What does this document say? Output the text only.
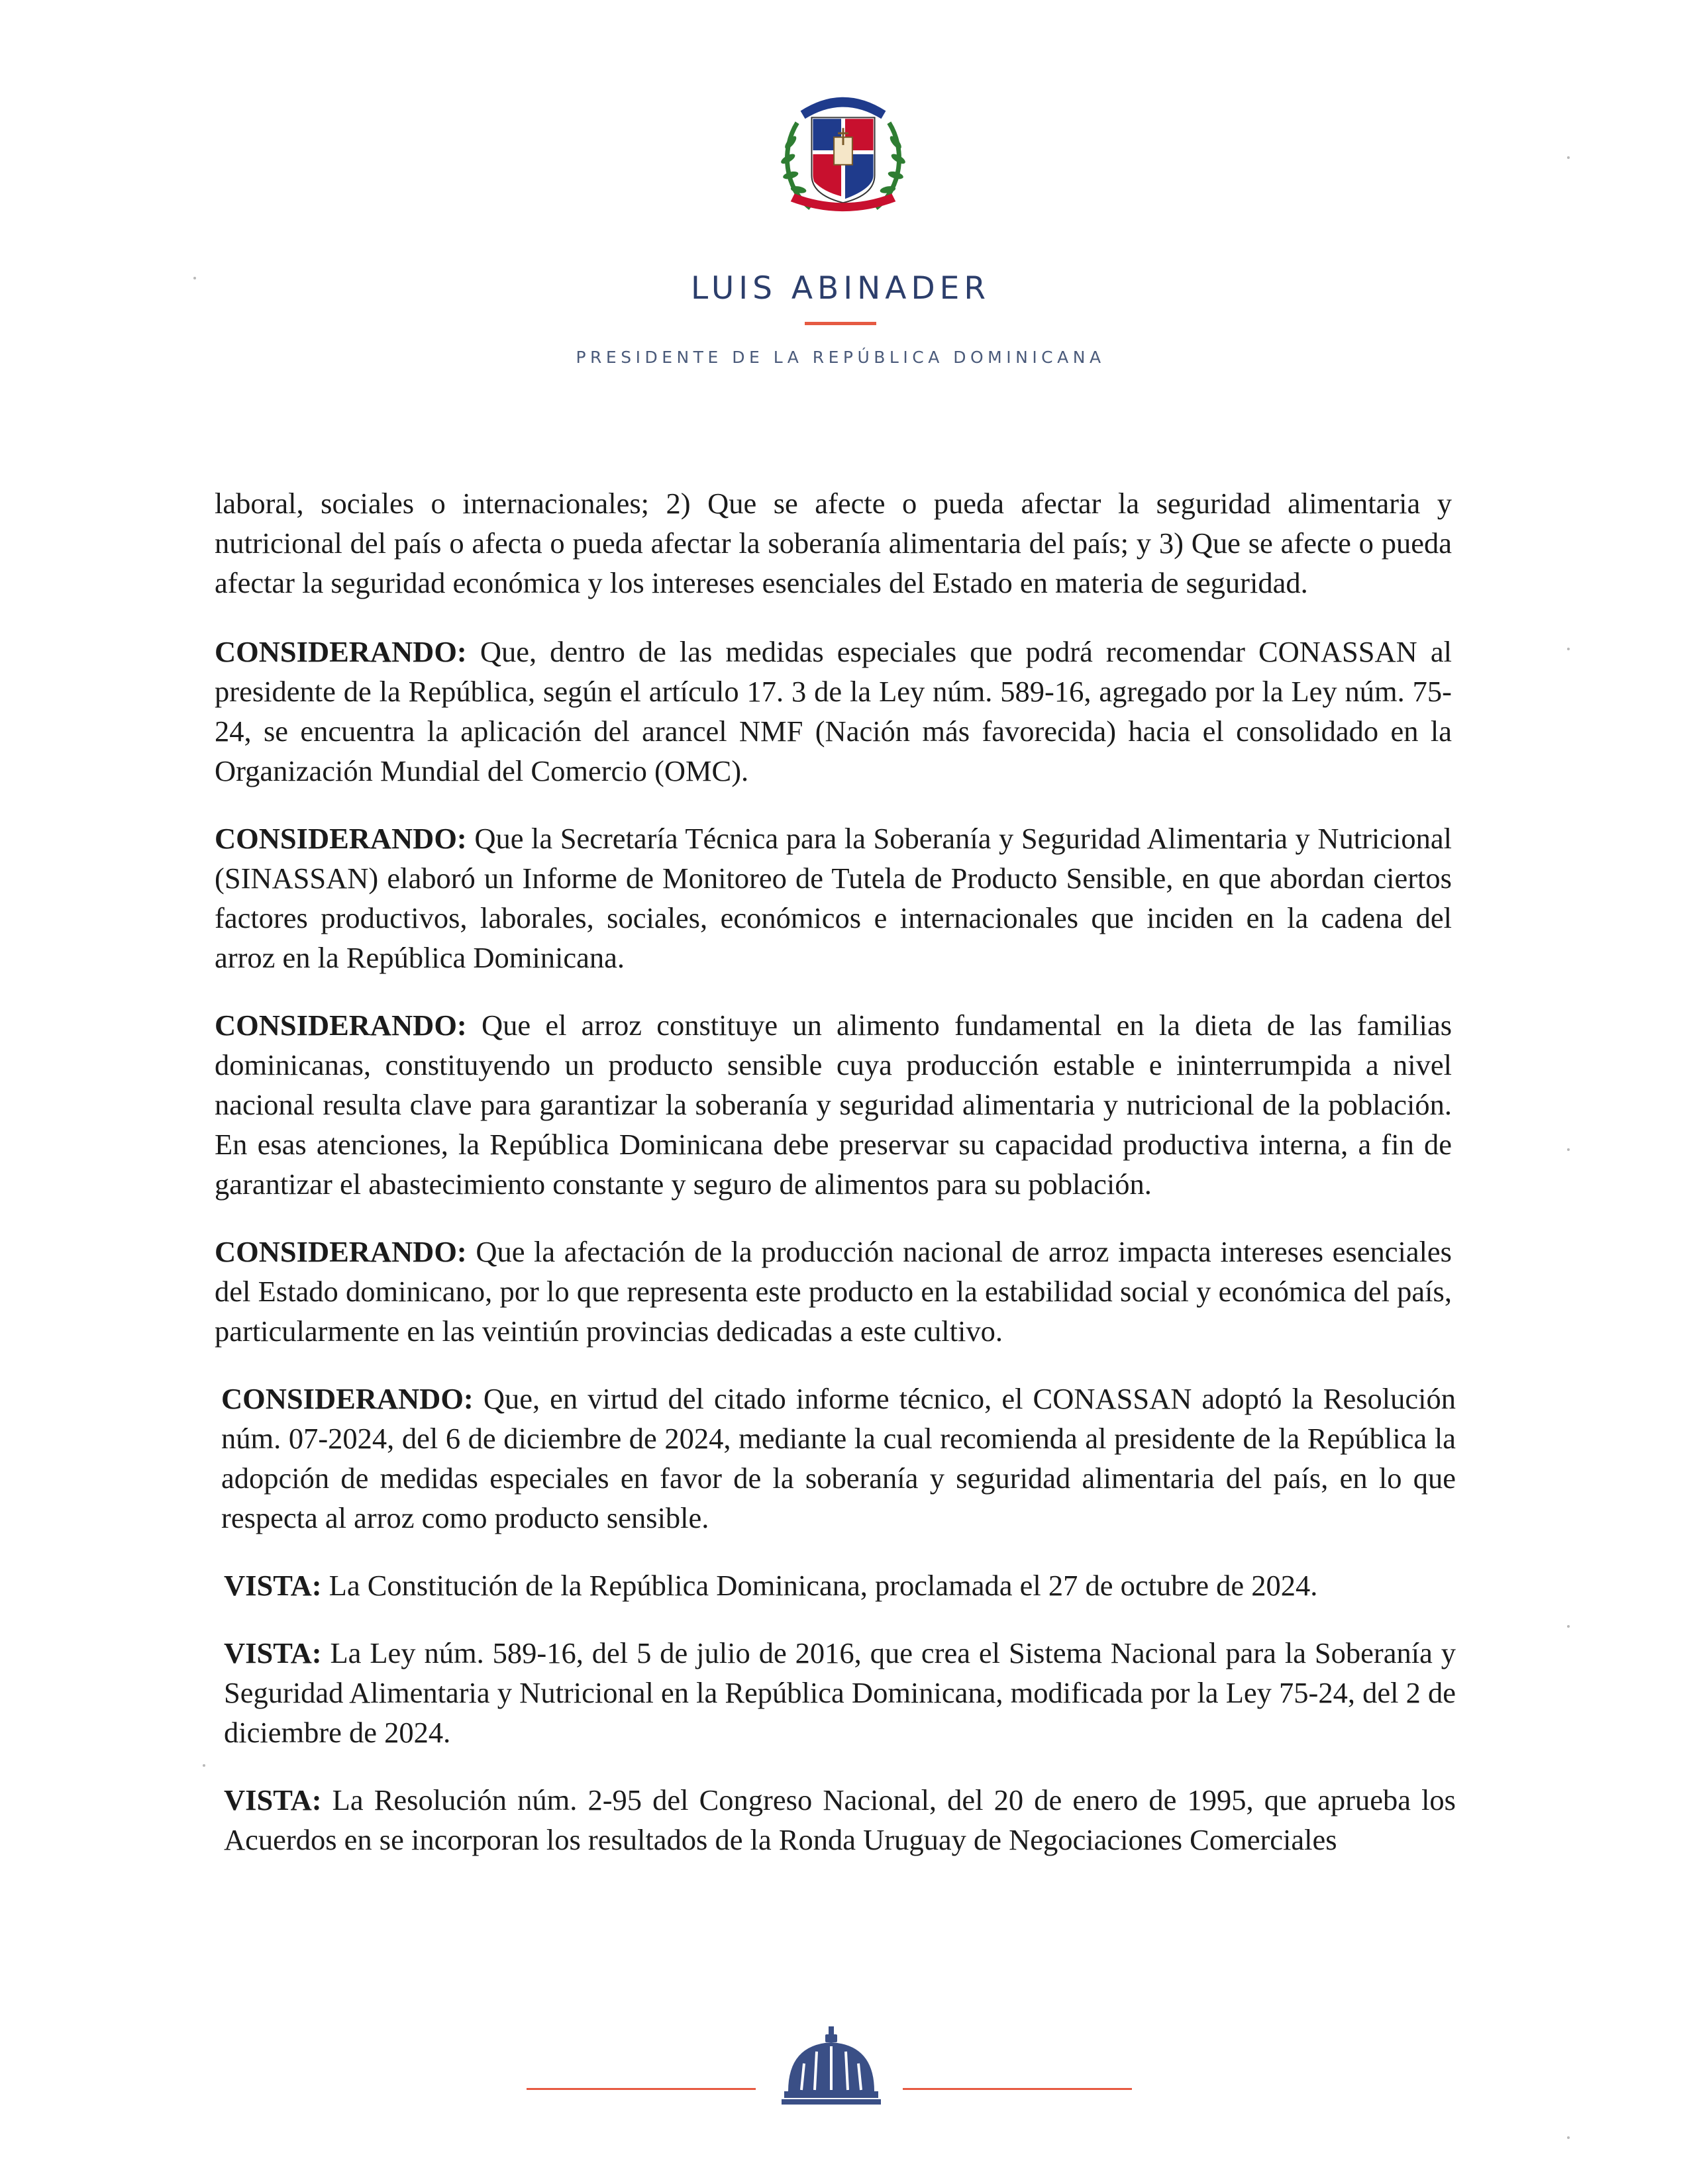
LUIS ABINADER
PRESIDENTE DE LA REPÚBLICA DOMINICANA

laboral, sociales o internacionales; 2) Que se afecte o pueda afectar la seguridad alimentaria y nutricional del país o afecta o pueda afectar la soberanía alimentaria del país; y 3) Que se afecte o pueda afectar la seguridad económica y los intereses esenciales del Estado en materia de seguridad.

CONSIDERANDO: Que, dentro de las medidas especiales que podrá recomendar CONASSAN al presidente de la República, según el artículo 17. 3 de la Ley núm. 589-16, agregado por la Ley núm. 75-24, se encuentra la aplicación del arancel NMF (Nación más favorecida) hacia el consolidado en la Organización Mundial del Comercio (OMC).

CONSIDERANDO: Que la Secretaría Técnica para la Soberanía y Seguridad Alimentaria y Nutricional (SINASSAN) elaboró un Informe de Monitoreo de Tutela de Producto Sensible, en que abordan ciertos factores productivos, laborales, sociales, económicos e internacionales que inciden en la cadena del arroz en la República Dominicana.

CONSIDERANDO: Que el arroz constituye un alimento fundamental en la dieta de las familias dominicanas, constituyendo un producto sensible cuya producción estable e ininterrumpida a nivel nacional resulta clave para garantizar la soberanía y seguridad alimentaria y nutricional de la población. En esas atenciones, la República Dominicana debe preservar su capacidad productiva interna, a fin de garantizar el abastecimiento constante y seguro de alimentos para su población.

CONSIDERANDO: Que la afectación de la producción nacional de arroz impacta intereses esenciales del Estado dominicano, por lo que representa este producto en la estabilidad social y económica del país, particularmente en las veintiún provincias dedicadas a este cultivo.

CONSIDERANDO: Que, en virtud del citado informe técnico, el CONASSAN adoptó la Resolución núm. 07-2024, del 6 de diciembre de 2024, mediante la cual recomienda al presidente de la República la adopción de medidas especiales en favor de la soberanía y seguridad alimentaria del país, en lo que respecta al arroz como producto sensible.

VISTA: La Constitución de la República Dominicana, proclamada el 27 de octubre de 2024.

VISTA: La Ley núm. 589-16, del 5 de julio de 2016, que crea el Sistema Nacional para la Soberanía y Seguridad Alimentaria y Nutricional en la República Dominicana, modificada por la Ley 75-24, del 2 de diciembre de 2024.

VISTA: La Resolución núm. 2-95 del Congreso Nacional, del 20 de enero de 1995, que aprueba los Acuerdos en se incorporan los resultados de la Ronda Uruguay de Negociaciones Comerciales
